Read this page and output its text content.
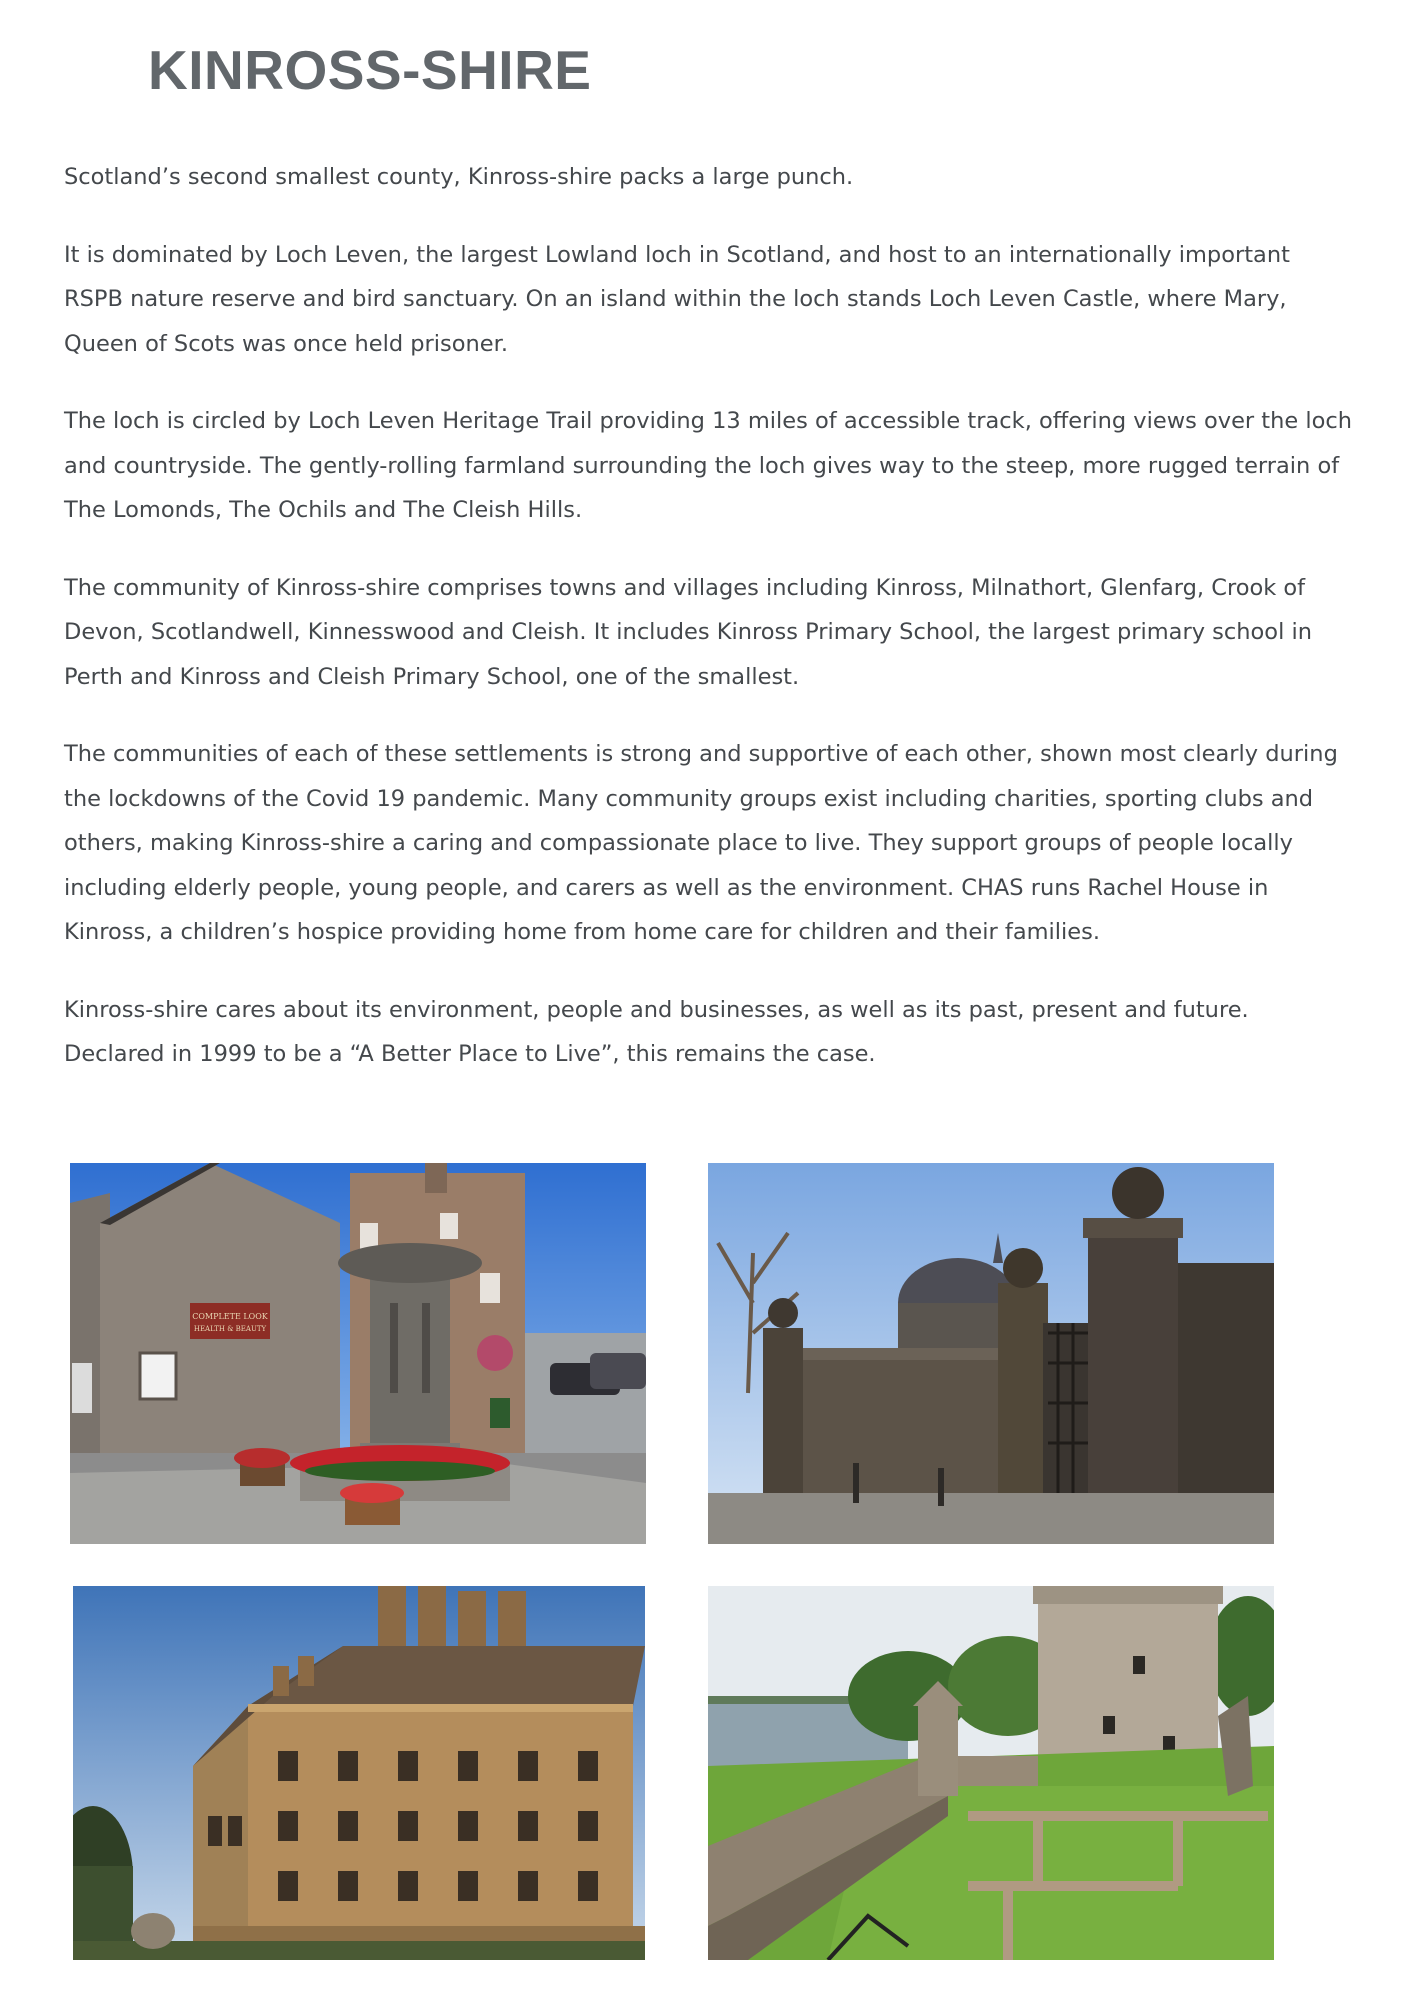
KINROSS-SHIRE

Scotland’s second smallest county, Kinross-shire packs a large punch.

It is dominated by Loch Leven, the largest Lowland loch in Scotland, and host to an internationally important RSPB nature reserve and bird sanctuary. On an island within the loch stands Loch Leven Castle, where Mary, Queen of Scots was once held prisoner.

The loch is circled by Loch Leven Heritage Trail providing 13 miles of accessible track, offering views over the loch and countryside. The gently-rolling farmland surrounding the loch gives way to the steep, more rugged terrain of The Lomonds, The Ochils and The Cleish Hills.

The community of Kinross-shire comprises towns and villages including Kinross, Milnathort, Glenfarg, Crook of Devon, Scotlandwell, Kinnesswood and Cleish. It includes Kinross Primary School, the largest primary school in Perth and Kinross and Cleish Primary School, one of the smallest.

The communities of each of these settlements is strong and supportive of each other, shown most clearly during the lockdowns of the Covid 19 pandemic. Many community groups exist including charities, sporting clubs and others, making Kinross-shire a caring and compassionate place to live. They support groups of people locally including elderly people, young people, and carers as well as the environment. CHAS runs Rachel House in Kinross, a children’s hospice providing home from home care for children and their families.

Kinross-shire cares about its environment, people and businesses, as well as its past, present and future. Declared in 1999 to be a “A Better Place to Live”, this remains the case.

COMPLETE LOOK
HEALTH & BEAUTY
